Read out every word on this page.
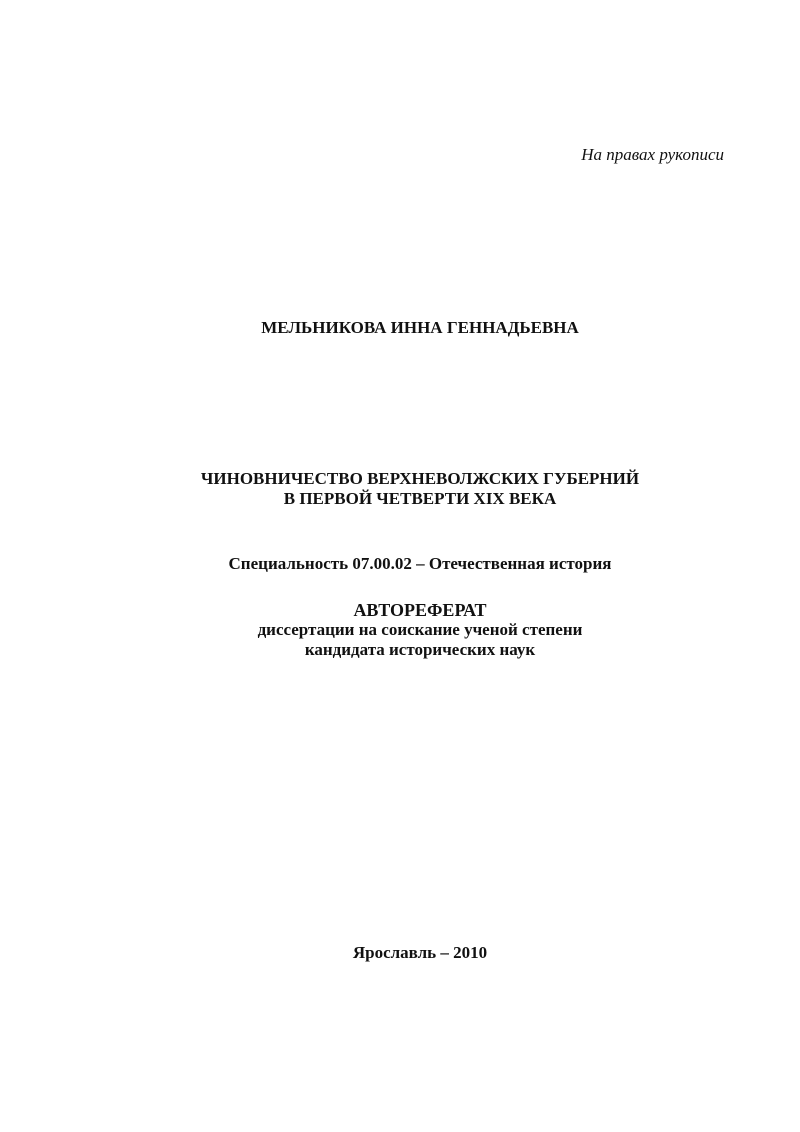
На правах рукописи
МЕЛЬНИКОВА ИННА ГЕННАДЬЕВНА
ЧИНОВНИЧЕСТВО ВЕРХНЕВОЛЖСКИХ ГУБЕРНИЙ
В ПЕРВОЙ ЧЕТВЕРТИ XIX ВЕКА
Специальность 07.00.02 – Отечественная история
АВТОРЕФЕРАТ
диссертации на соискание ученой степени
кандидата исторических наук
Ярославль – 2010
